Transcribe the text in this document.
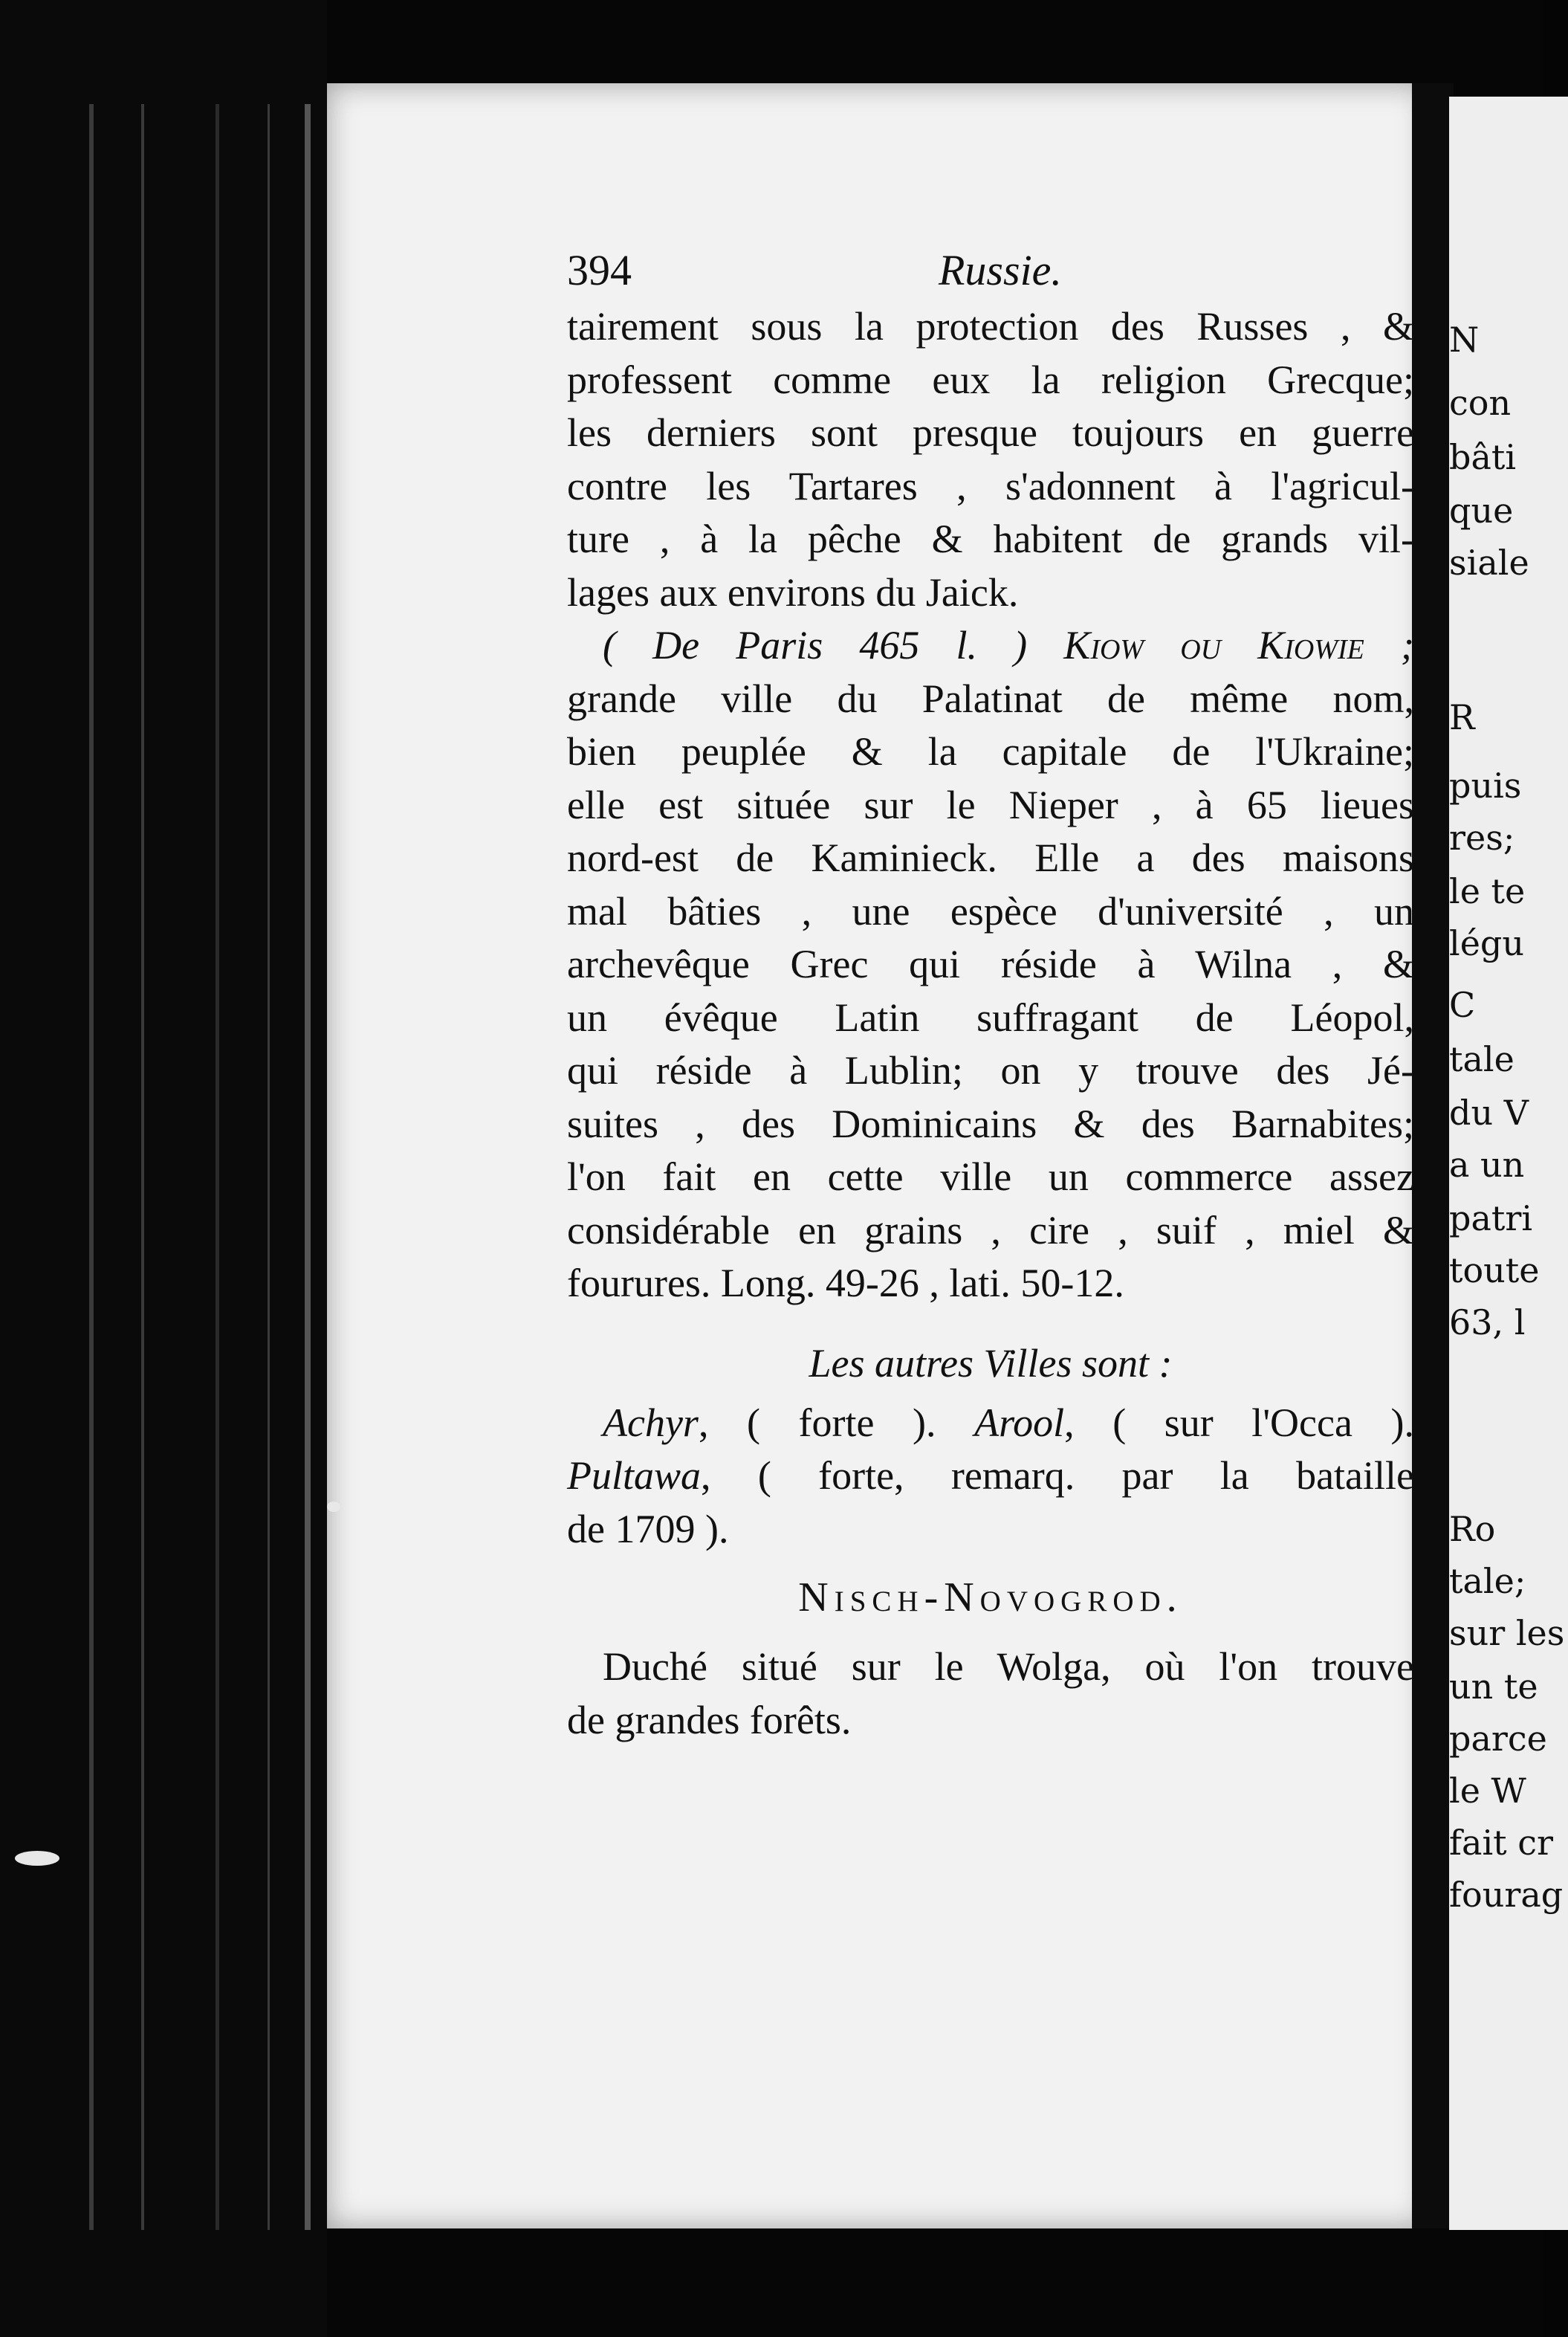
N
con
bâti
que
siale
R
puis
res;
le te
légu
C
tale
du V
a un
patri
toute
63, l
Ro
tale;
sur les
un te
parce
le W
fait cr
fourag
394	Russie.
tairement sous la protection des Russes , &
professent comme eux la religion Grecque;
les derniers sont presque toujours en guerre
contre les Tartares , s'adonnent à l'agricul-
ture , à la pêche & habitent de grands vil-
lages aux environs du Jaick.
( De Paris 465 l. ) Kiow ou Kiowie ;
grande ville du Palatinat de même nom,
bien peuplée & la capitale de l'Ukraine;
elle est située sur le Nieper , à 65 lieues
nord-est de Kaminieck. Elle a des maisons
mal bâties , une espèce d'université , un
archevêque Grec qui réside à Wilna , &
un évêque Latin suffragant de Léopol,
qui réside à Lublin; on y trouve des Jé-
suites , des Dominicains & des Barnabites;
l'on fait en cette ville un commerce assez
considérable en grains , cire , suif , miel &
fourures. Long. 49-26 , lati. 50-12.
Les autres Villes sont :
Achyr, ( forte ). Arool, ( sur l'Occa ).
Pultawa, ( forte, remarq. par la bataille
de 1709 ).
Nisch-Novogrod.
Duché situé sur le Wolga, où l'on trouve
de grandes forêts.
